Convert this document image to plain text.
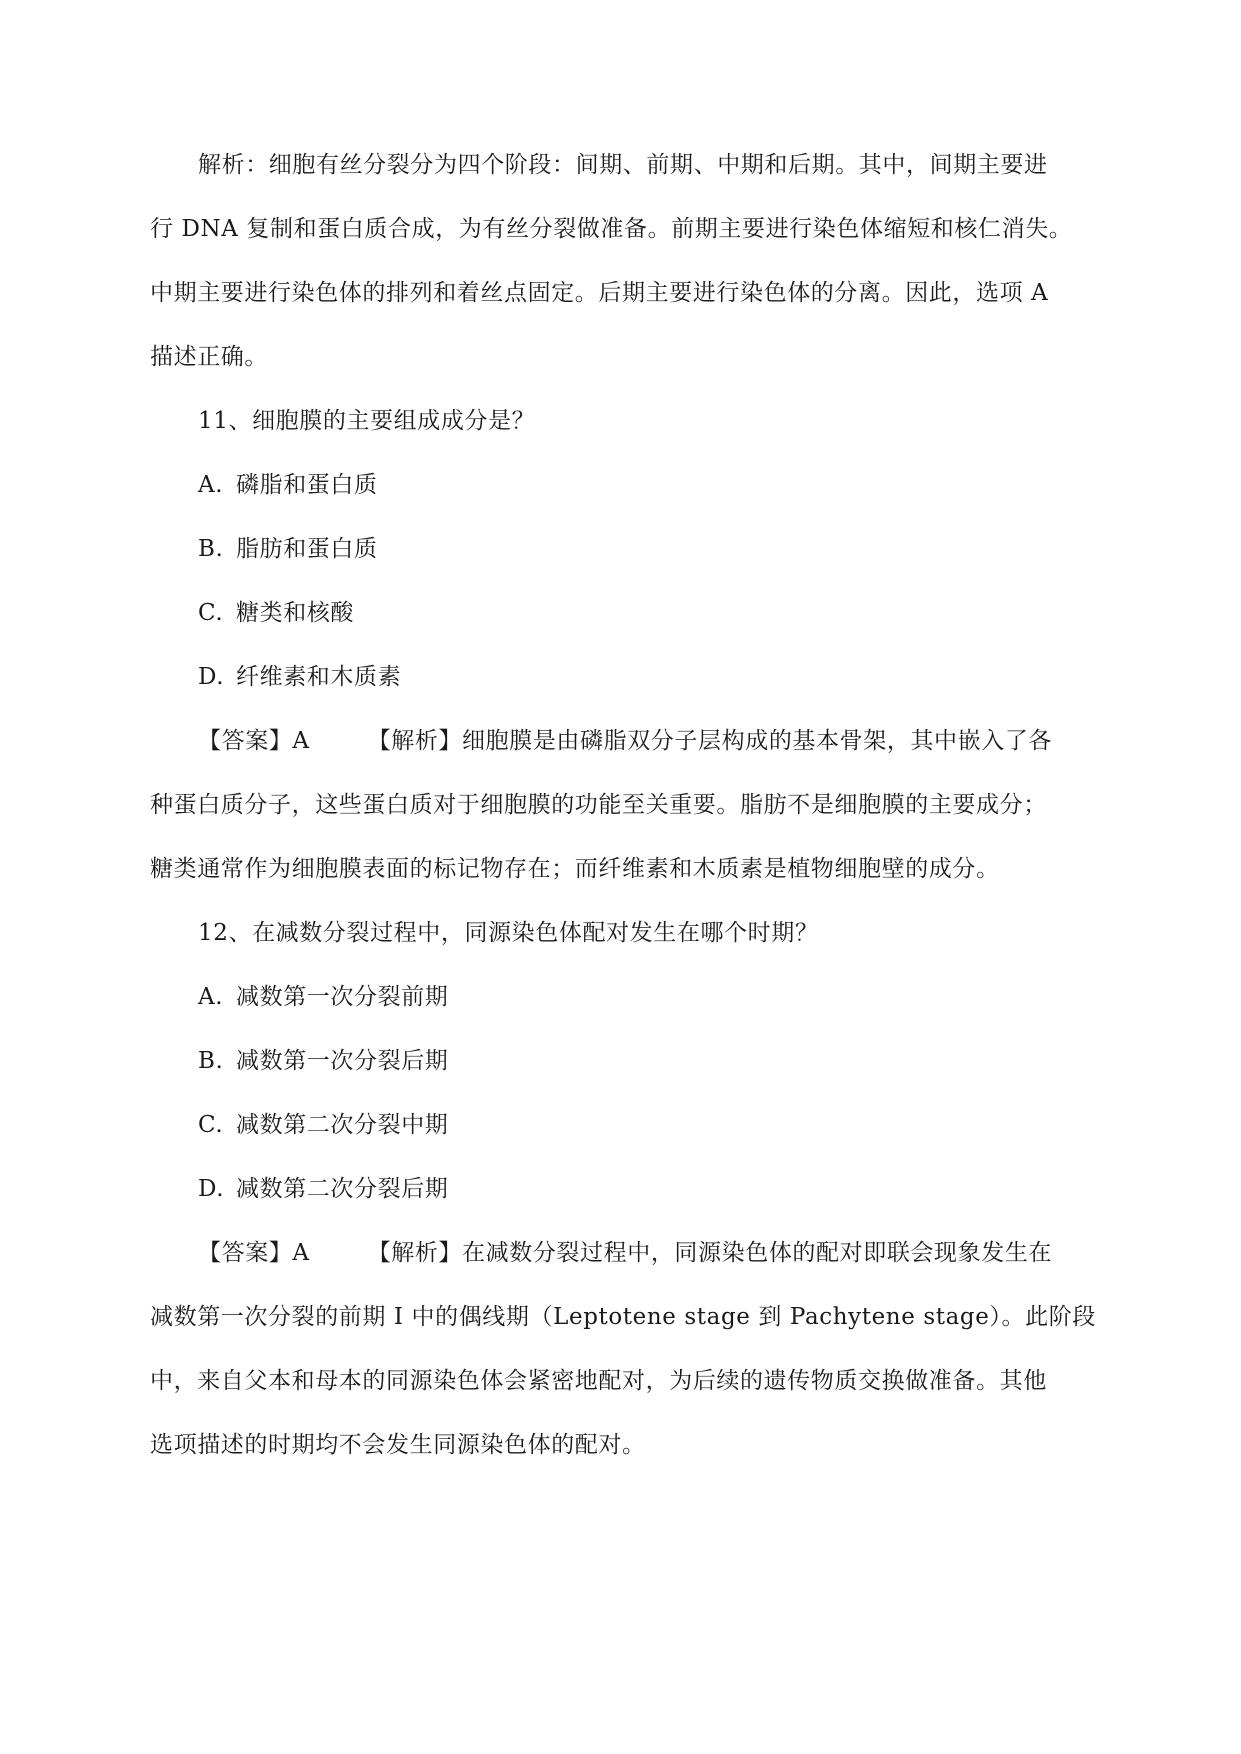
解析：细胞有丝分裂分为四个阶段：间期、前期、中期和后期。其中，间期主要进
行 DNA 复制和蛋白质合成，为有丝分裂做准备。前期主要进行染色体缩短和核仁消失。
中期主要进行染色体的排列和着丝点固定。后期主要进行染色体的分离。因此，选项 A
描述正确。
11、细胞膜的主要组成成分是？
A. 磷脂和蛋白质
B. 脂肪和蛋白质
C. 糖类和核酸
D. 纤维素和木质素
【答案】A	【解析】细胞膜是由磷脂双分子层构成的基本骨架，其中嵌入了各
种蛋白质分子，这些蛋白质对于细胞膜的功能至关重要。脂肪不是细胞膜的主要成分；
糖类通常作为细胞膜表面的标记物存在；而纤维素和木质素是植物细胞壁的成分。
12、在减数分裂过程中，同源染色体配对发生在哪个时期？
A. 减数第一次分裂前期
B. 减数第一次分裂后期
C. 减数第二次分裂中期
D. 减数第二次分裂后期
【答案】A	【解析】在减数分裂过程中，同源染色体的配对即联会现象发生在
减数第一次分裂的前期 I 中的偶线期（Leptotene stage 到 Pachytene stage）。此阶段
中，来自父本和母本的同源染色体会紧密地配对，为后续的遗传物质交换做准备。其他
选项描述的时期均不会发生同源染色体的配对。
